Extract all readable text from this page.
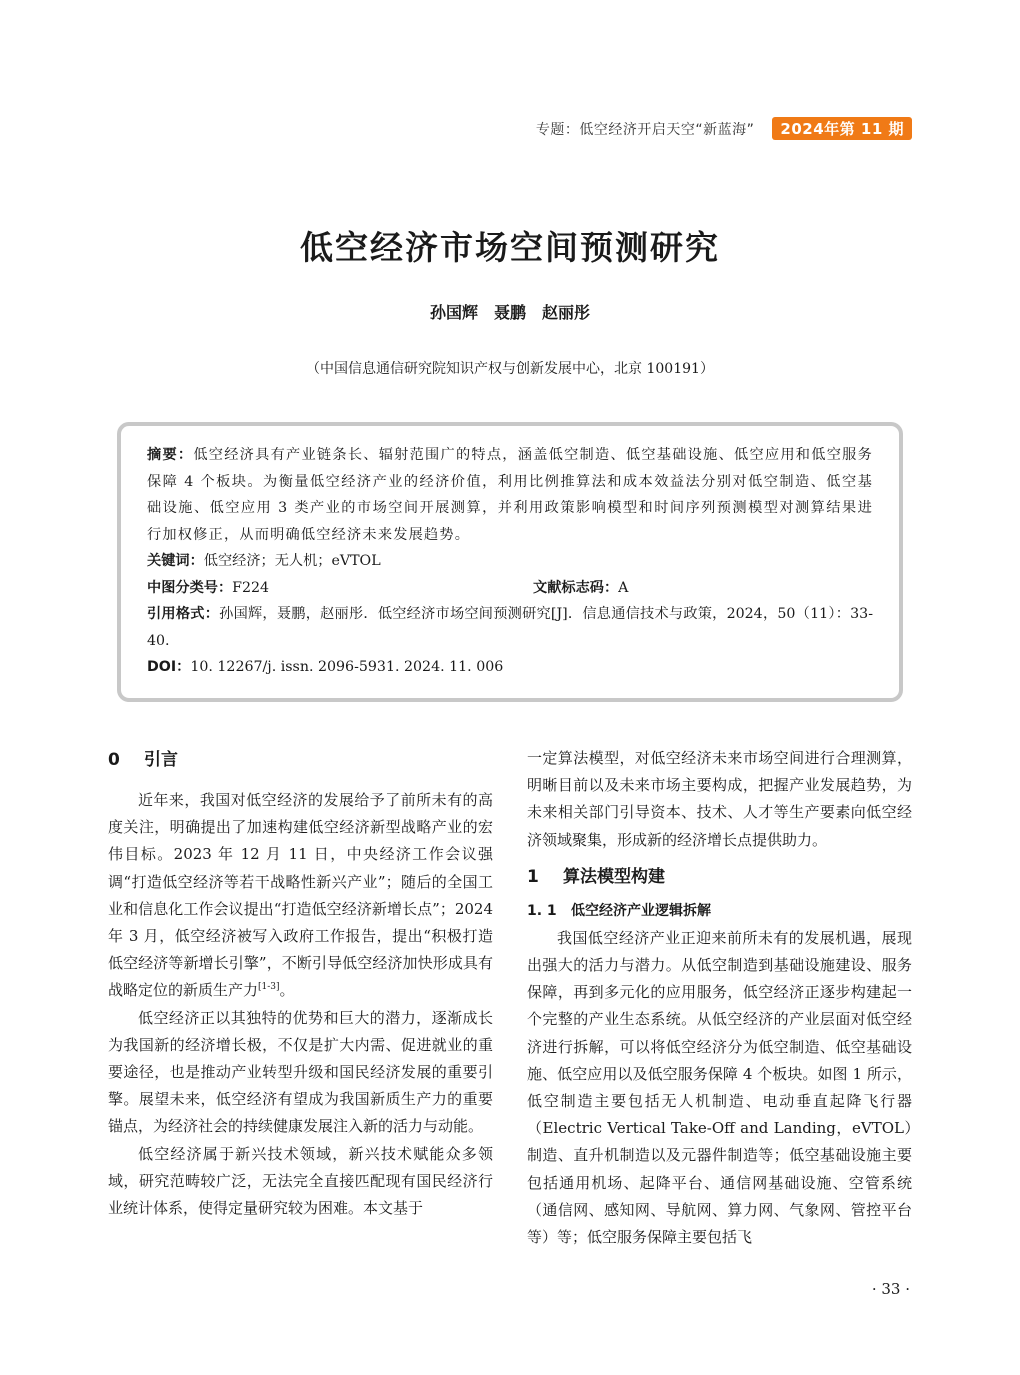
专题：低空经济开启天空“新蓝海”	2024年第 11 期
低空经济市场空间预测研究
孙国辉　聂鹏　赵丽彤
（中国信息通信研究院知识产权与创新发展中心，北京 100191）

摘要：低空经济具有产业链条长、辐射范围广的特点，涵盖低空制造、低空基础设施、低空应用和低空服务保障 4 个板块。为衡量低空经济产业的经济价值，利用比例推算法和成本效益法分别对低空制造、低空基础设施、低空应用 3 类产业的市场空间开展测算，并利用政策影响模型和时间序列预测模型对测算结果进行加权修正，从而明确低空经济未来发展趋势。

关键词：低空经济；无人机；eVTOL

中图分类号：F224	文献标志码：A

引用格式：孙国辉，聂鹏，赵丽彤．低空经济市场空间预测研究[J]．信息通信技术与政策，2024，50（11）：33-40.

DOI：10. 12267/j. issn. 2096-5931. 2024. 11. 006

0 引言

近年来，我国对低空经济的发展给予了前所未有的高度关注，明确提出了加速构建低空经济新型战略产业的宏伟目标。2023 年 12 月 11 日，中央经济工作会议强调“打造低空经济等若干战略性新兴产业”；随后的全国工业和信息化工作会议提出“打造低空经济新增长点”；2024 年 3 月，低空经济被写入政府工作报告，提出“积极打造低空经济等新增长引擎”，不断引导低空经济加快形成具有战略定位的新质生产力[1-3]。

低空经济正以其独特的优势和巨大的潜力，逐渐成长为我国新的经济增长极，不仅是扩大内需、促进就业的重要途径，也是推动产业转型升级和国民经济发展的重要引擎。展望未来，低空经济有望成为我国新质生产力的重要锚点，为经济社会的持续健康发展注入新的活力与动能。

低空经济属于新兴技术领域，新兴技术赋能众多领域，研究范畴较广泛，无法完全直接匹配现有国民经济行业统计体系，使得定量研究较为困难。本文基于

一定算法模型，对低空经济未来市场空间进行合理测算，明晰目前以及未来市场主要构成，把握产业发展趋势，为未来相关部门引导资本、技术、人才等生产要素向低空经济领域聚集，形成新的经济增长点提供助力。

1 算法模型构建

1. 1 低空经济产业逻辑拆解

我国低空经济产业正迎来前所未有的发展机遇，展现出强大的活力与潜力。从低空制造到基础设施建设、服务保障，再到多元化的应用服务，低空经济正逐步构建起一个完整的产业生态系统。从低空经济的产业层面对低空经济进行拆解，可以将低空经济分为低空制造、低空基础设施、低空应用以及低空服务保障 4 个板块。如图 1 所示，低空制造主要包括无人机制造、电动垂直起降飞行器（Electric Vertical Take-Off and Landing，eVTOL）制造、直升机制造以及元器件制造等；低空基础设施主要包括通用机场、起降平台、通信网基础设施、空管系统（通信网、感知网、导航网、算力网、气象网、管控平台等）等；低空服务保障主要包括飞

· 33 ·
